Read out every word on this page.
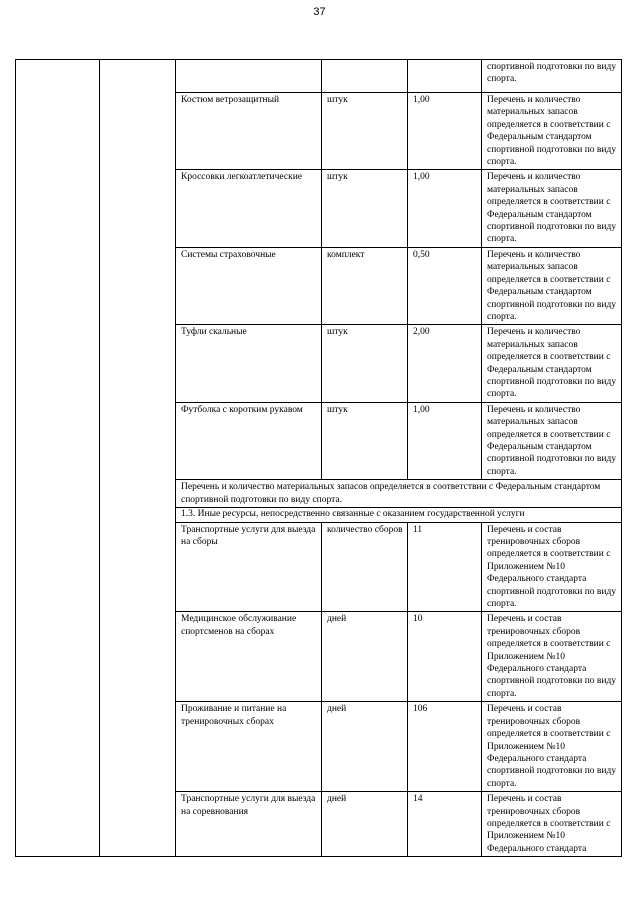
37
					спортивной подготовки по виду спорта.
		Костюм ветрозащитный	штук	1,00	Перечень и количество материальных запасов определяется в соответствии с Федеральным стандартом спортивной подготовки по виду спорта.
		Кроссовки легкоатлетические	штук	1,00	Перечень и количество материальных запасов определяется в соответствии с Федеральным стандартом спортивной подготовки по виду спорта.
		Системы страховочные	комплект	0,50	Перечень и количество материальных запасов определяется в соответствии с Федеральным стандартом спортивной подготовки по виду спорта.
		Туфли скальные	штук	2,00	Перечень и количество материальных запасов определяется в соответствии с Федеральным стандартом спортивной подготовки по виду спорта.
		Футболка с коротким рукавом	штук	1,00	Перечень и количество материальных запасов определяется в соответствии с Федеральным стандартом спортивной подготовки по виду спорта.
		Перечень и количество материальных запасов определяется в соответствии с Федеральным стандартом спортивной подготовки по виду спорта.			
		1.3. Иные ресурсы, непосредственно связанные с оказанием государственной услуги			
		Транспортные услуги для выезда на сборы	количество сборов	11	Перечень и состав тренировочных сборов определяется в соответствии с Приложением №10 Федерального стандарта спортивной подготовки по виду спорта.
		Медицинское обслуживание спортсменов на сборах	дней	10	Перечень и состав тренировочных сборов определяется в соответствии с Приложением №10 Федерального стандарта спортивной подготовки по виду спорта.
		Проживание и питание на тренировочных сборах	дней	106	Перечень и состав тренировочных сборов определяется в соответствии с Приложением №10 Федерального стандарта спортивной подготовки по виду спорта.
		Транспортные услуги для выезда на соревнования	дней	14	Перечень и состав тренировочных сборов определяется в соответствии с Приложением №10 Федерального стандарта
